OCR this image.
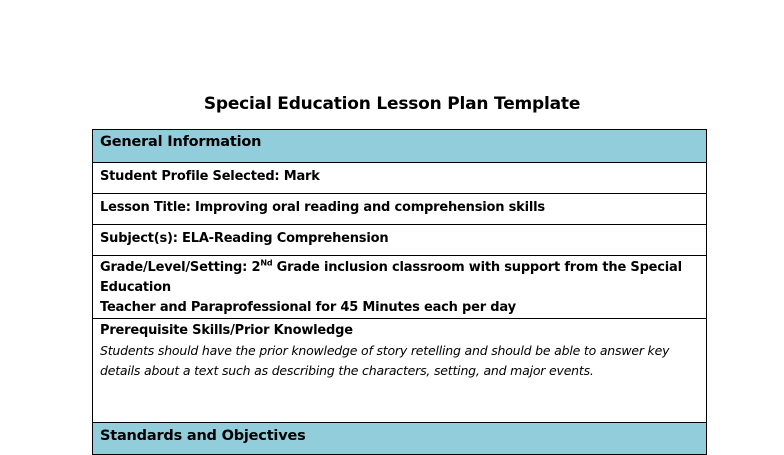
Special Education Lesson Plan Template
General Information
Student Profile Selected: Mark
Lesson Title: Improving oral reading and comprehension skills
Subject(s): ELA-Reading Comprehension
Grade/Level/Setting: 2Nd Grade inclusion classroom with support from the Special Education
Teacher and Paraprofessional for 45 Minutes each per day

Prerequisite Skills/Prior Knowledge
Students should have the prior knowledge of story retelling and should be able to answer key details about a text such as describing the characters, setting, and major events.

Standards and Objectives
